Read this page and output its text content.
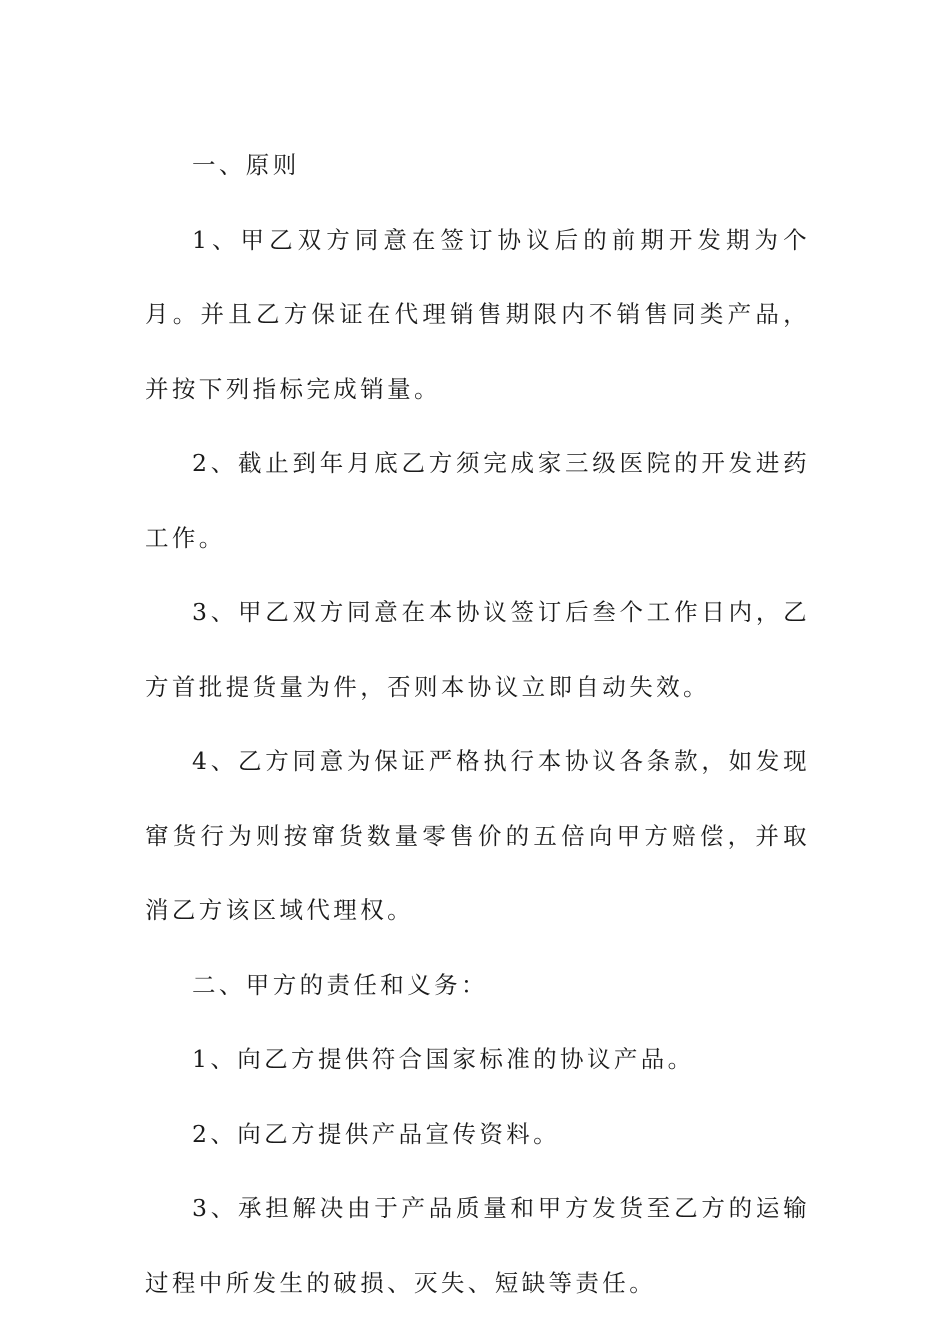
一、原则

1、甲乙双方同意在签订协议后的前期开发期为个月。并且乙方保证在代理销售期限内不销售同类产品，并按下列指标完成销量。

2、截止到年月底乙方须完成家三级医院的开发进药工作。

3、甲乙双方同意在本协议签订后叁个工作日内，乙方首批提货量为件，否则本协议立即自动失效。

4、乙方同意为保证严格执行本协议各条款，如发现窜货行为则按窜货数量零售价的五倍向甲方赔偿，并取消乙方该区域代理权。

二、甲方的责任和义务：

1、向乙方提供符合国家标准的协议产品。

2、向乙方提供产品宣传资料。

3、承担解决由于产品质量和甲方发货至乙方的运输过程中所发生的破损、灭失、短缺等责任。
